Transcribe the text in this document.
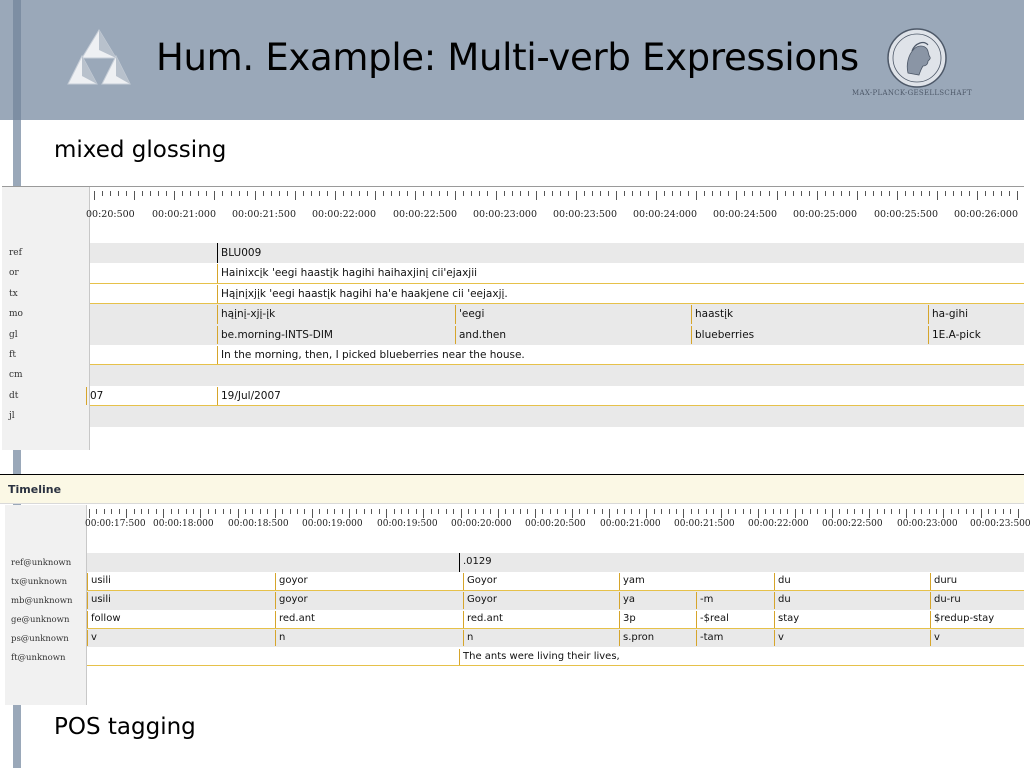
Hum. Example: Multi-verb Expressions
MAX-PLANCK-GESELLSCHAFT
mixed glossing
00:20:500 00:00:21:000 00:00:21:500 00:00:22:000 00:00:22:500 00:00:23:000 00:00:23:500 00:00:24:000 00:00:24:500 00:00:25:000 00:00:25:500 00:00:26:000
ref	BLU009
or	Hainixcįk 'eegi haastįk hagihi haihaxjinį cii'ejaxjii
tx	Hąįnįxjįk 'eegi haastįk hagihi ha'e haakjene cii 'eejaxjį.
mo	hąįnį-xjį-įk	'eegi	haastįk	ha-gihi
gl	be.morning-INTS-DIM	and.then	blueberries	1E.A-pick
ft	In the morning, then, I picked blueberries near the house.
cm
dt	07	19/Jul/2007
jl
Timeline
00:00:17:500 00:00:18:000 00:00:18:500 00:00:19:000 00:00:19:500 00:00:20:000 00:00:20:500 00:00:21:000 00:00:21:500 00:00:22:000 00:00:22:500 00:00:23:000 00:00:23:500
ref@unknown	.0129
tx@unknown	usili	goyor	Goyor	yam	du	duru
mb@unknown	usili	goyor	Goyor	ya	-m	du	du-ru
ge@unknown	follow	red.ant	red.ant	3p	-$real	stay	$redup-stay
ps@unknown	v	n	n	s.pron	-tam	v	v
ft@unknown	The ants were living their lives,
POS tagging
